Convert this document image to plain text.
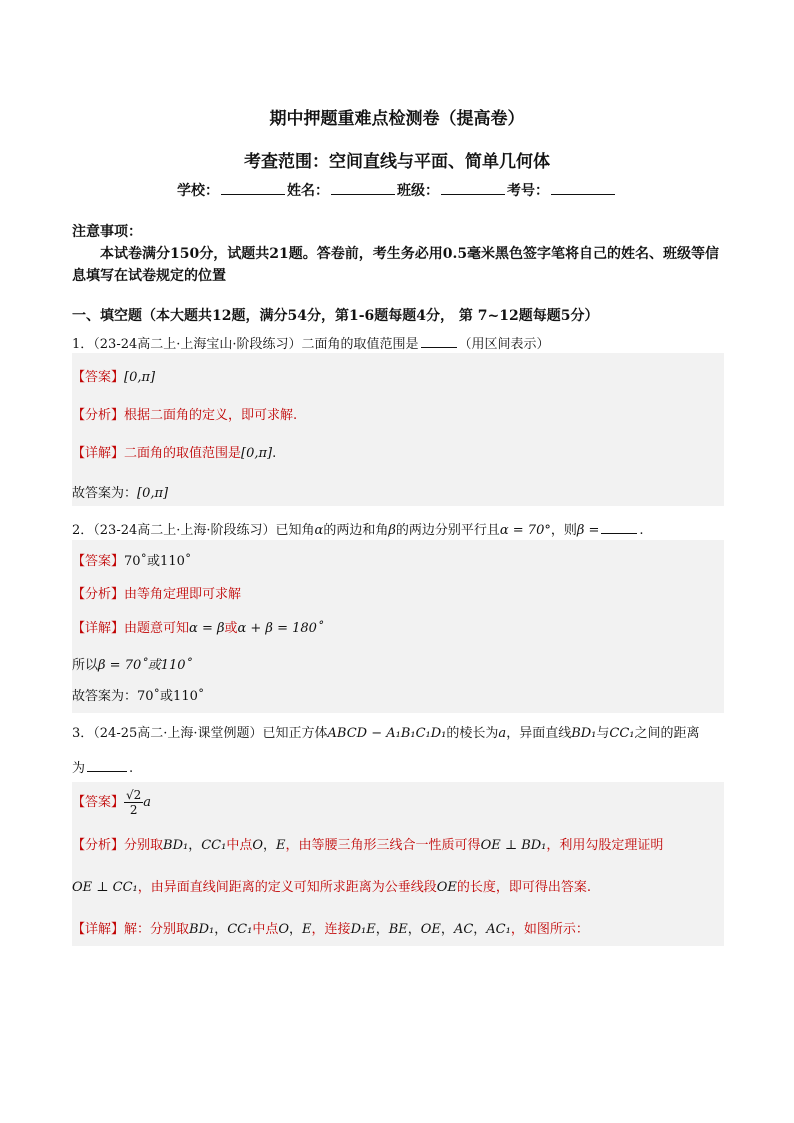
期中押题重难点检测卷（提高卷）
考查范围：空间直线与平面、简单几何体
学校：	姓名：	班级：	考号：
注意事项：
本试卷满分150分，试题共21题。答卷前，考生务必用0.5毫米黑色签字笔将自己的姓名、班级等信息填写在试卷规定的位置
一、填空题（本大题共12题，满分54分，第1-6题每题4分， 第 7~12题每题5分）
1．（23-24高二上·上海宝山·阶段练习）二面角的取值范围是	（用区间表示）
【答案】[0,π]
【分析】根据二面角的定义，即可求解.
【详解】二面角的取值范围是[0,π].
故答案为：[0,π]
2．（23-24高二上·上海·阶段练习）已知角α的两边和角β的两边分别平行且α = 70°，则β =	.
【答案】70˚或110˚
【分析】由等角定理即可求解
【详解】由题意可知α = β或α + β = 180˚
所以β = 70˚或110˚
故答案为：70˚或110˚
3．（24-25高二·上海·课堂例题）已知正方体ABCD − A₁B₁C₁D₁的棱长为a，异面直线BD₁与CC₁之间的距离
为	.
【答案】 $\frac{√2}{2}$ a
【分析】分别取BD₁，CC₁中点O，E，由等腰三角形三线合一性质可得OE ⊥ BD₁，利用勾股定理证明
OE ⊥ CC₁，由异面直线间距离的定义可知所求距离为公垂线段OE的长度，即可得出答案.
【详解】解：分别取BD₁，CC₁中点O，E，连接D₁E，BE，OE，AC，AC₁，如图所示：
